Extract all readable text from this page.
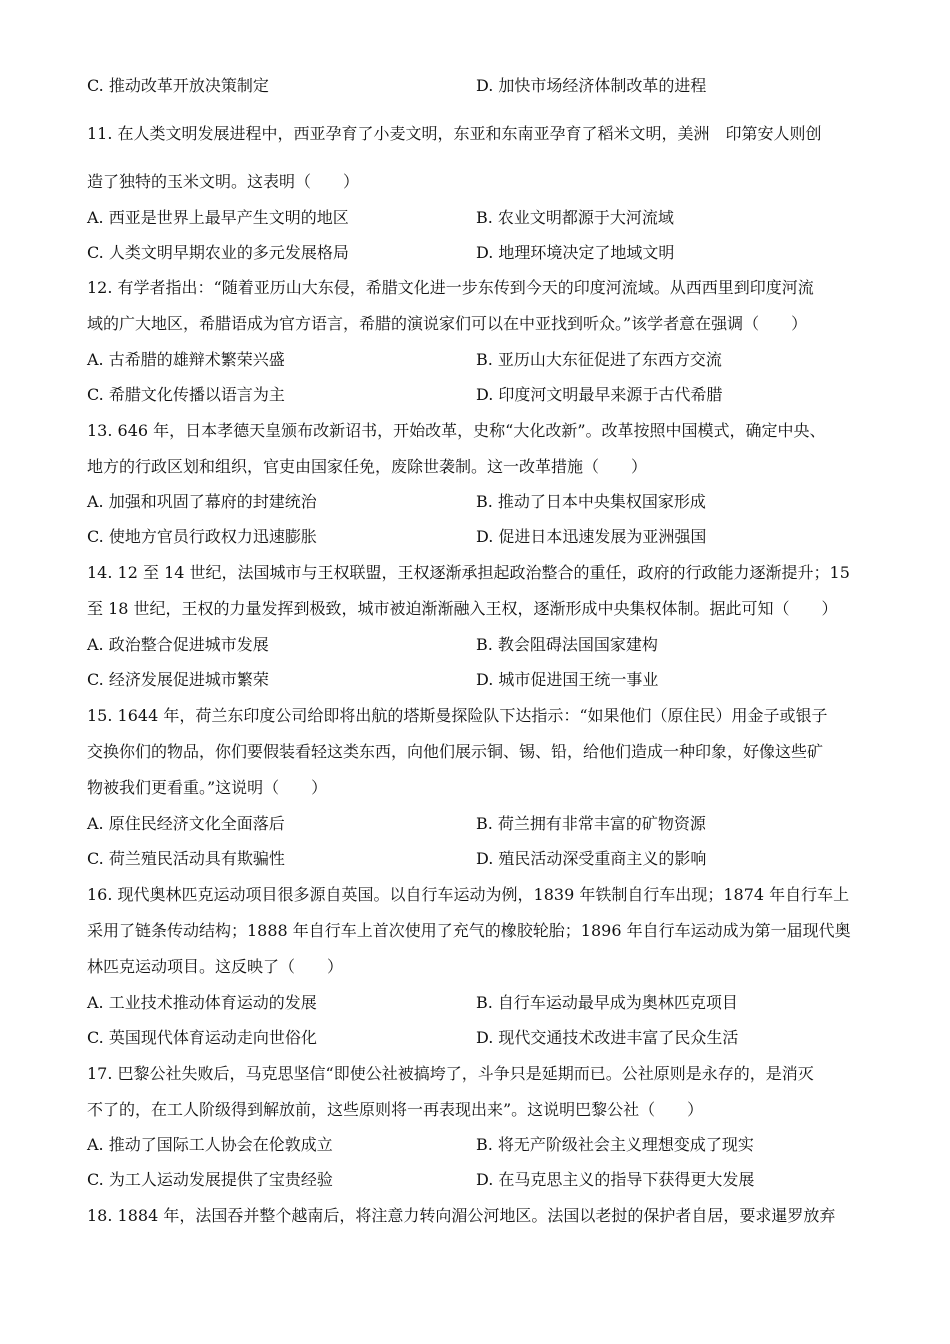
C. 推动改革开放决策制定	D. 加快市场经济体制改革的进程
11. 在人类文明发展进程中，西亚孕育了小麦文明，东亚和东南亚孕育了稻米文明，美洲　印第安人则创
造了独特的玉米文明。这表明（　　）
A. 西亚是世界上最早产生文明的地区	B. 农业文明都源于大河流域
C. 人类文明早期农业的多元发展格局	D. 地理环境决定了地域文明
12. 有学者指出：“随着亚历山大东侵，希腊文化进一步东传到今天的印度河流域。从西西里到印度河流
域的广大地区，希腊语成为官方语言，希腊的演说家们可以在中亚找到听众。”该学者意在强调（　　）
A. 古希腊的雄辩术繁荣兴盛	B. 亚历山大东征促进了东西方交流
C. 希腊文化传播以语言为主	D. 印度河文明最早来源于古代希腊
13. 646 年，日本孝德天皇颁布改新诏书，开始改革，史称“大化改新”。改革按照中国模式，确定中央、
地方的行政区划和组织，官吏由国家任免，废除世袭制。这一改革措施（　　）
A. 加强和巩固了幕府的封建统治	B. 推动了日本中央集权国家形成
C. 使地方官员行政权力迅速膨胀	D. 促进日本迅速发展为亚洲强国
14. 12 至 14 世纪，法国城市与王权联盟，王权逐渐承担起政治整合的重任，政府的行政能力逐渐提升；15
至 18 世纪，王权的力量发挥到极致，城市被迫渐渐融入王权，逐渐形成中央集权体制。据此可知（　　）
A. 政治整合促进城市发展	B. 教会阻碍法国国家建构
C. 经济发展促进城市繁荣	D. 城市促进国王统一事业
15. 1644 年，荷兰东印度公司给即将出航的塔斯曼探险队下达指示：“如果他们（原住民）用金子或银子
交换你们的物品，你们要假装看轻这类东西，向他们展示铜、锡、铅，给他们造成一种印象，好像这些矿
物被我们更看重。”这说明（　　）
A. 原住民经济文化全面落后	B. 荷兰拥有非常丰富的矿物资源
C. 荷兰殖民活动具有欺骗性	D. 殖民活动深受重商主义的影响
16. 现代奥林匹克运动项目很多源自英国。以自行车运动为例，1839 年铁制自行车出现；1874 年自行车上
采用了链条传动结构；1888 年自行车上首次使用了充气的橡胶轮胎；1896 年自行车运动成为第一届现代奥
林匹克运动项目。这反映了（　　）
A. 工业技术推动体育运动的发展	B. 自行车运动最早成为奥林匹克项目
C. 英国现代体育运动走向世俗化	D. 现代交通技术改进丰富了民众生活
17. 巴黎公社失败后，马克思坚信“即使公社被搞垮了，斗争只是延期而已。公社原则是永存的，是消灭
不了的，在工人阶级得到解放前，这些原则将一再表现出来”。这说明巴黎公社（　　）
A. 推动了国际工人协会在伦敦成立	B. 将无产阶级社会主义理想变成了现实
C. 为工人运动发展提供了宝贵经验	D. 在马克思主义的指导下获得更大发展
18. 1884 年，法国吞并整个越南后，将注意力转向湄公河地区。法国以老挝的保护者自居，要求暹罗放弃
